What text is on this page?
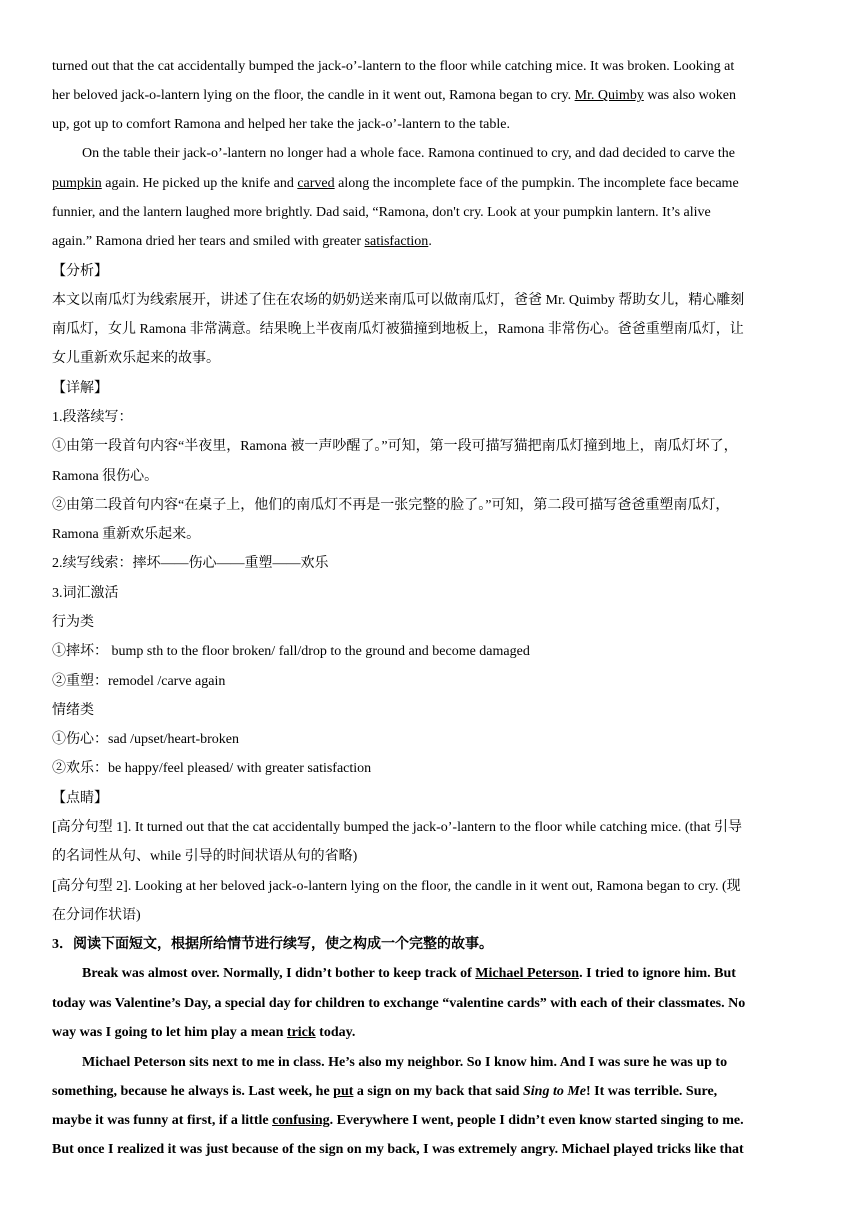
turned out that the cat accidentally bumped the jack-o’-lantern to the floor while catching mice. It was broken. Looking at
her beloved jack-o-lantern lying on the floor, the candle in it went out, Ramona began to cry. Mr. Quimby was also woken
up, got up to comfort Ramona and helped her take the jack-o’-lantern to the table.
On the table their jack-o’-lantern no longer had a whole face. Ramona continued to cry, and dad decided to carve the
pumpkin again. He picked up the knife and carved along the incomplete face of the pumpkin. The incomplete face became
funnier, and the lantern laughed more brightly. Dad said, “Ramona, don't cry. Look at your pumpkin lantern. It’s alive
again.” Ramona dried her tears and smiled with greater satisfaction.
【分析】
本文以南瓜灯为线索展开，讲述了住在农场的奶奶送来南瓜可以做南瓜灯，爸爸 Mr. Quimby 帮助女儿，精心雕刻
南瓜灯，女儿 Ramona 非常满意。结果晚上半夜南瓜灯被猫撞到地板上，Ramona 非常伤心。爸爸重塑南瓜灯，让
女儿重新欢乐起来的故事。
【详解】
1.段落续写：
①由第一段首句内容“半夜里，Ramona 被一声吵醒了。”可知，第一段可描写猫把南瓜灯撞到地上，南瓜灯坏了，
Ramona 很伤心。
②由第二段首句内容“在桌子上，他们的南瓜灯不再是一张完整的脸了。”可知，第二段可描写爸爸重塑南瓜灯，
Ramona 重新欢乐起来。
2.续写线索：摔坏——伤心——重塑——欢乐
3.词汇激活
行为类
①摔坏： bump sth to the floor broken/ fall/drop to the ground and become damaged
②重塑：remodel /carve again
情绪类
①伤心：sad /upset/heart-broken
②欢乐：be happy/feel pleased/ with greater satisfaction
【点睛】
[高分句型 1]. It turned out that the cat accidentally bumped the jack-o’-lantern to the floor while catching mice. (that 引导
的名词性从句、while 引导的时间状语从句的省略)
[高分句型 2]. Looking at her beloved jack-o-lantern lying on the floor, the candle in it went out, Ramona began to cry. (现
在分词作状语)
3．阅读下面短文，根据所给情节进行续写，使之构成一个完整的故事。
Break was almost over. Normally, I didn’t bother to keep track of Michael Peterson. I tried to ignore him. But
today was Valentine’s Day, a special day for children to exchange “valentine cards” with each of their classmates. No
way was I going to let him play a mean trick today.
Michael Peterson sits next to me in class. He’s also my neighbor. So I know him. And I was sure he was up to
something, because he always is. Last week, he put a sign on my back that said Sing to Me! It was terrible. Sure,
maybe it was funny at first, if a little confusing. Everywhere I went, people I didn’t even know started singing to me.
But once I realized it was just because of the sign on my back, I was extremely angry. Michael played tricks like that
